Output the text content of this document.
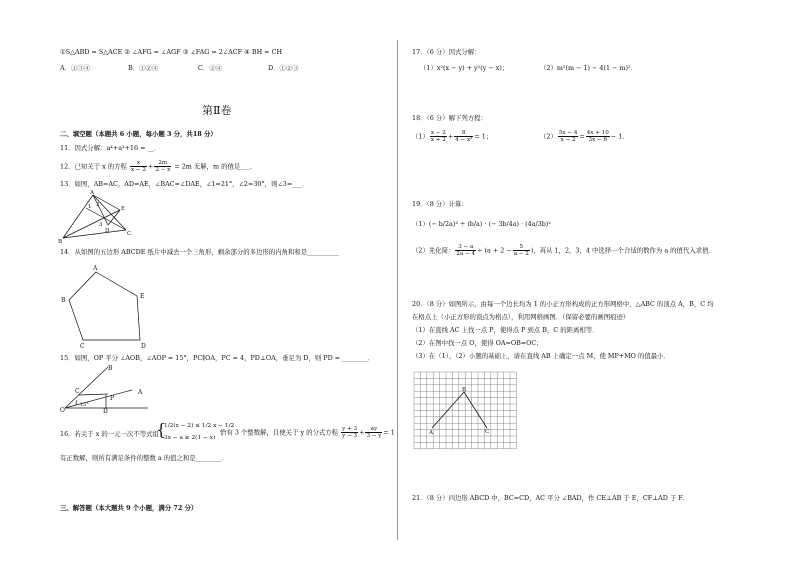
①S△ABD = S△ACE ② ∠AFG = ∠AGF ③ ∠FAG = 2∠ACF ④ BH = CH
A．①③④	B．①②④	C．②④	D．①②③
第Ⅱ卷
二、填空题（本题共 6 小题，每小题 3 分，共18 分）
11．因式分解：a⁴+a³+16 = __．
12．已知关于 x 的方程 $\frac{x}{x - 2} + \frac{2m}{2 - x} = 2m$ 无解，m 的值是___．
13．如图，AB=AC，AD=AE，∠BAC=∠DAE，∠1=21°，∠2=30°，则∠3=___．
A
B
C
D
E
1 2
3
14．从如图的五边形 ABCDE 纸片中减去一个三角形，剩余部分的多边形的内角和和是__________
A
B
C	D
E
15．如图，OP 平分 ∠AOB，∠AOP = 15°，PC∥OA，PC = 4，PD⊥OA，垂足为 D，则 PD = ________．
O
A
B
C
D
P
15°
16．若关于 x 的一元一次不等式组
{
1/2(x − 2) ≤ 1/2 x − 1/2
3x − a ≥ 2(1 − x)
恰有 3 个整数解，且使关于 y 的分式方程 $\frac{y + 3}{y - 3} + \frac{ay}{3 - y} = 1$
有正数解，则所有满足条件的整数 a 的值之和是________．
三、解答题（本大题共 9 个小题，满分 72 分）
17．（6 分）因式分解：
（1）x²(x − y) + y²(y − x)；	（2）m²(m − 1) − 4(1 − m)²．
18．（6 分）解下列方程：
$(1) \frac{x - 2}{x + 2} + \frac{8}{\text{4 − x²}} = 1$；	$(2) \frac{5x - 4}{x - 2} = \frac{4x + 10}{3x - 6} - 1$．
19．（8 分）计算：
（1）(− b/2a)² ÷ (b/a) · (− 3b/4a) · (4a/3b)²
（2）先化简： $\frac{3 - a}{2a - 4} \div (a + 2 - \frac{5}{a - 2}$ )，再从 1，2，3，4 中选择一个合适的数作为 a 的值代入求值．
20．（8 分）如图所示，由每一个边长均为 1 的小正方形构成的正方形网格中，△ABC 的顶点 A，B，C 均
在格点上（小正方形的顶点为格点），利用网格画图．（保留必要的画图痕迹）
（1）在直线 AC 上找一点 P，使得点 P 到点 B，C 的距离相等．
（2）在图中找一点 O，使得 OA=OB=OC；
（3）在（1）、（2）小题的基础上，请在直线 AB 上确定一点 M，使 MP+MO 的值最小．
A
B
C
21．（8 分）四边形 ABCD 中，BC=CD，AC 平分 ∠BAD，作 CE⊥AB 于 E，CF⊥AD 于 F．
